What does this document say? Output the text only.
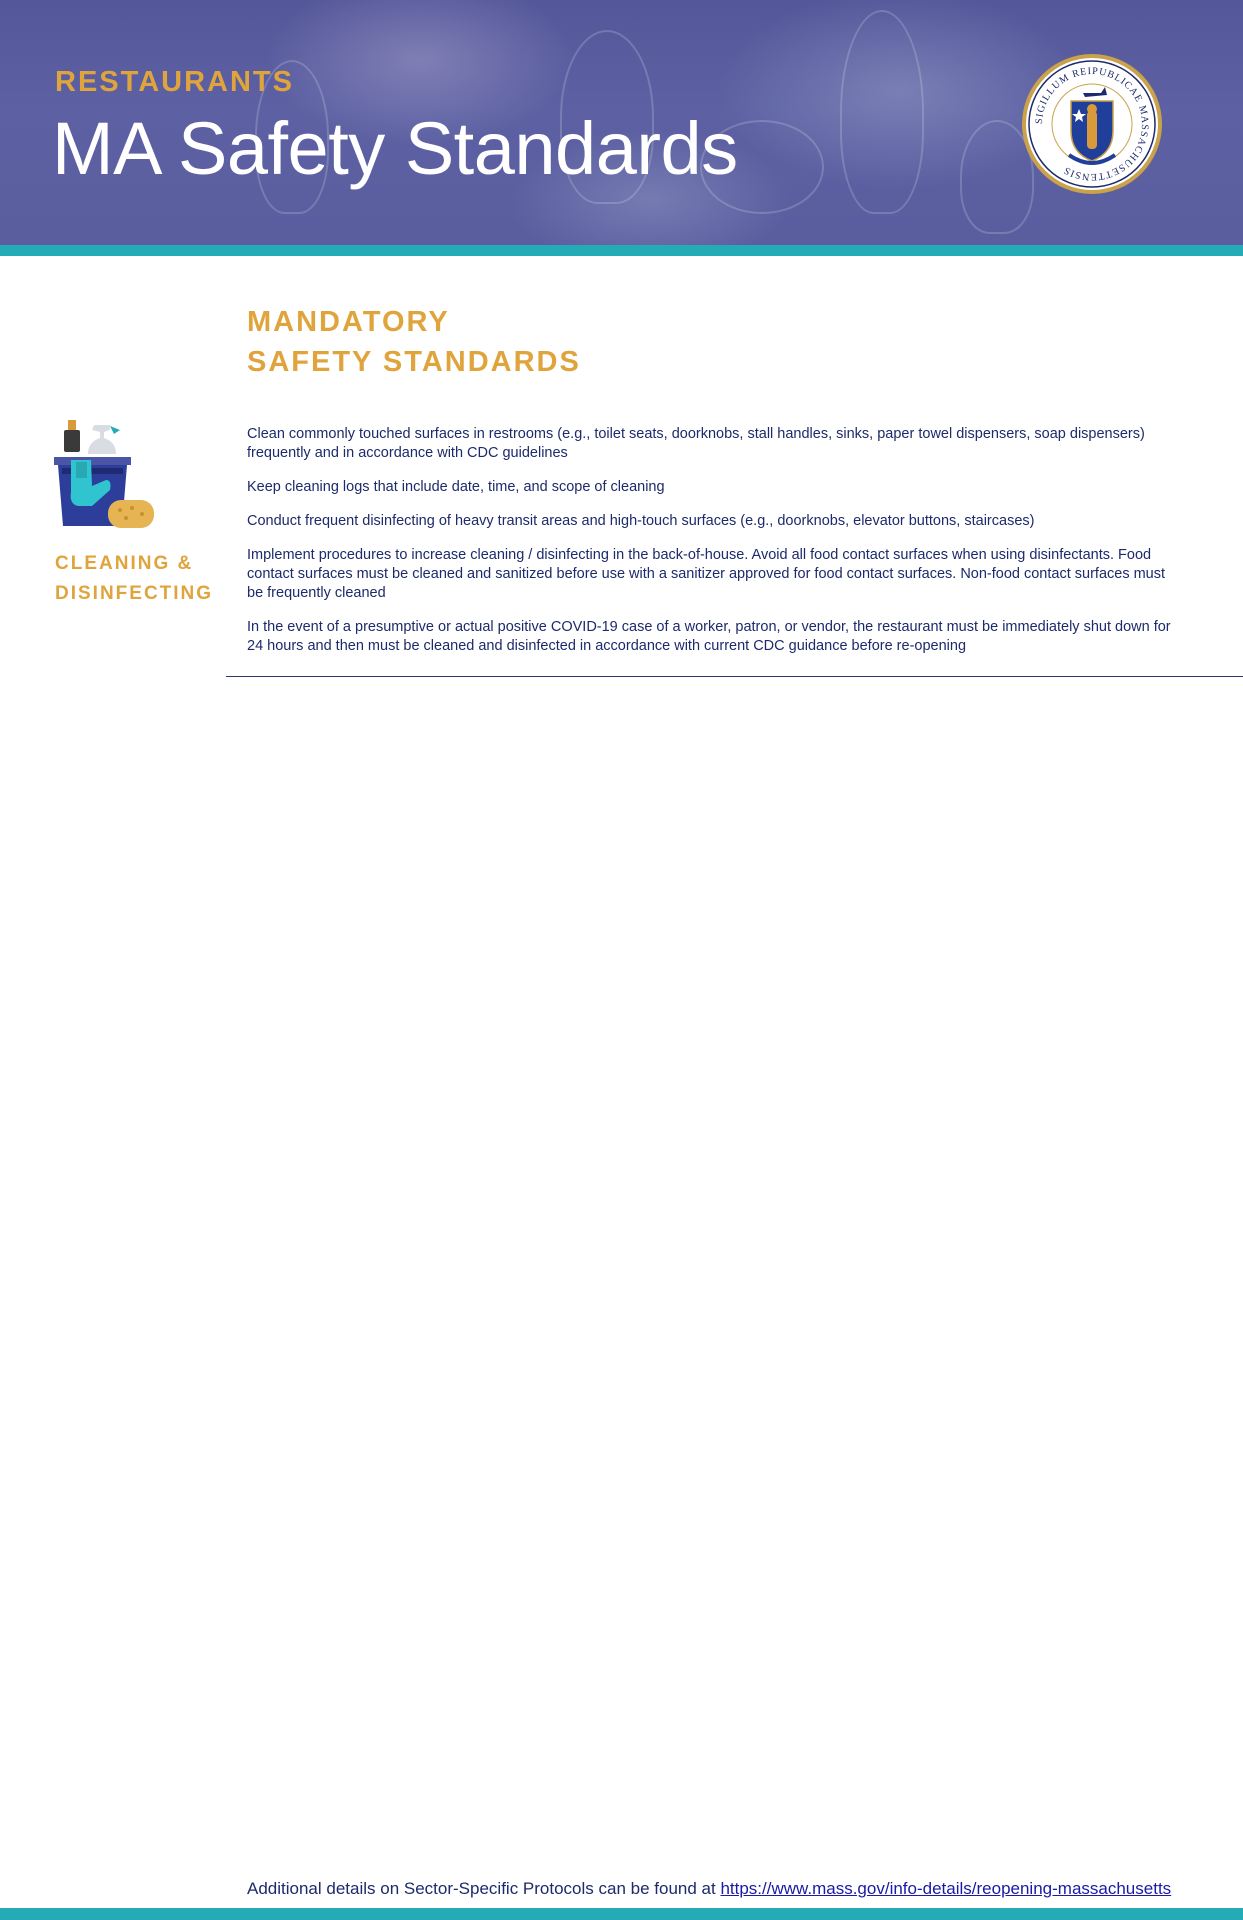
RESTAURANTS
MA Safety Standards	SIGILLUM REIPUBLICAE MASSACHUSETTENSIS
MANDATORY
SAFETY STANDARDS
CLEANING &
DISINFECTING
Clean commonly touched surfaces in restrooms (e.g., toilet seats, doorknobs, stall handles, sinks, paper towel dispensers, soap dispensers) frequently and in accordance with CDC guidelines
Keep cleaning logs that include date, time, and scope of cleaning
Conduct frequent disinfecting of heavy transit areas and high-touch surfaces (e.g., doorknobs, elevator buttons, staircases)
Implement procedures to increase cleaning / disinfecting in the back-of-house. Avoid all food contact surfaces when using disinfectants. Food contact surfaces must be cleaned and sanitized before use with a sanitizer approved for food contact surfaces. Non-food contact surfaces must be frequently cleaned
In the event of a presumptive or actual positive COVID-19 case of a worker, patron, or vendor, the restaurant must be immediately shut down for 24 hours and then must be cleaned and disinfected in accordance with current CDC guidance before re-opening

Additional details on Sector-Specific Protocols can be found at https://www.mass.gov/info-details/reopening-massachusetts
